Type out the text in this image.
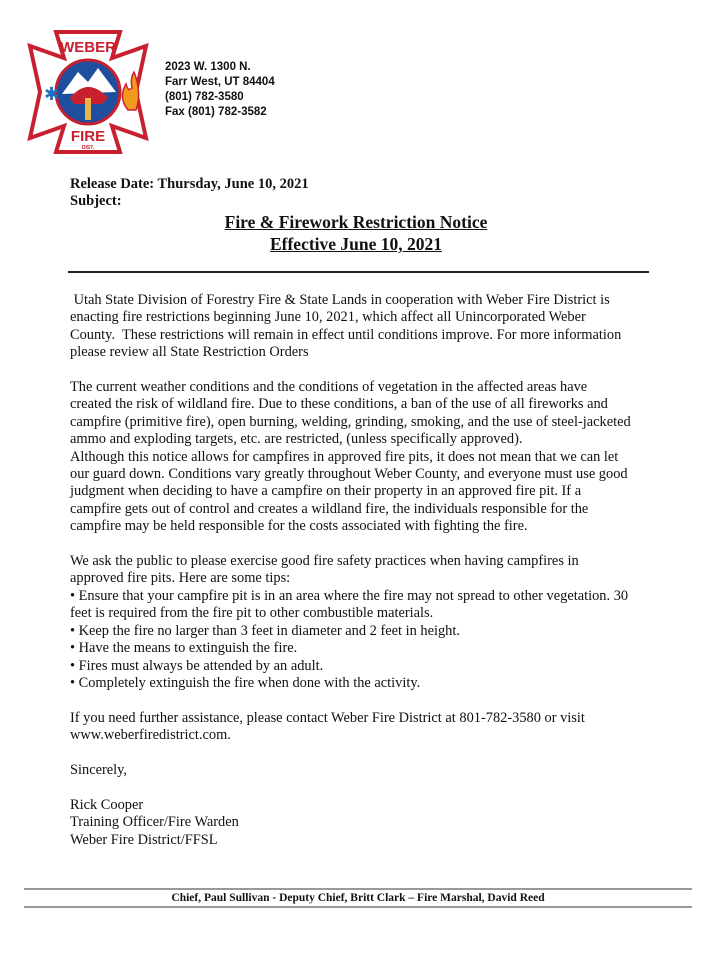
WEBER
FIRE
DIST.
✱
2023 W. 1300 N.
Farr West, UT 84404
(801) 782-3580
Fax (801) 782-3582
Release Date: Thursday, June 10, 2021
Subject:
Fire & Firework Restriction Notice
Effective June 10, 2021
Utah State Division of Forestry Fire & State Lands in cooperation with Weber Fire District is
enacting fire restrictions beginning June 10, 2021, which affect all Unincorporated Weber
County.  These restrictions will remain in effect until conditions improve. For more information
please review all State Restriction Orders
The current weather conditions and the conditions of vegetation in the affected areas have
created the risk of wildland fire. Due to these conditions, a ban of the use of all fireworks and
campfire (primitive fire), open burning, welding, grinding, smoking, and the use of steel-jacketed
ammo and exploding targets, etc. are restricted, (unless specifically approved).
Although this notice allows for campfires in approved fire pits, it does not mean that we can let
our guard down. Conditions vary greatly throughout Weber County, and everyone must use good
judgment when deciding to have a campfire on their property in an approved fire pit. If a
campfire gets out of control and creates a wildland fire, the individuals responsible for the
campfire may be held responsible for the costs associated with fighting the fire.
We ask the public to please exercise good fire safety practices when having campfires in
approved fire pits. Here are some tips:
• Ensure that your campfire pit is in an area where the fire may not spread to other vegetation. 30
feet is required from the fire pit to other combustible materials.
• Keep the fire no larger than 3 feet in diameter and 2 feet in height.
• Have the means to extinguish the fire.
• Fires must always be attended by an adult.
• Completely extinguish the fire when done with the activity.
If you need further assistance, please contact Weber Fire District at 801-782-3580 or visit
www.weberfiredistrict.com.
Sincerely,
Rick Cooper
Training Officer/Fire Warden
Weber Fire District/FFSL
Chief, Paul Sullivan - Deputy Chief, Britt Clark – Fire Marshal, David Reed
